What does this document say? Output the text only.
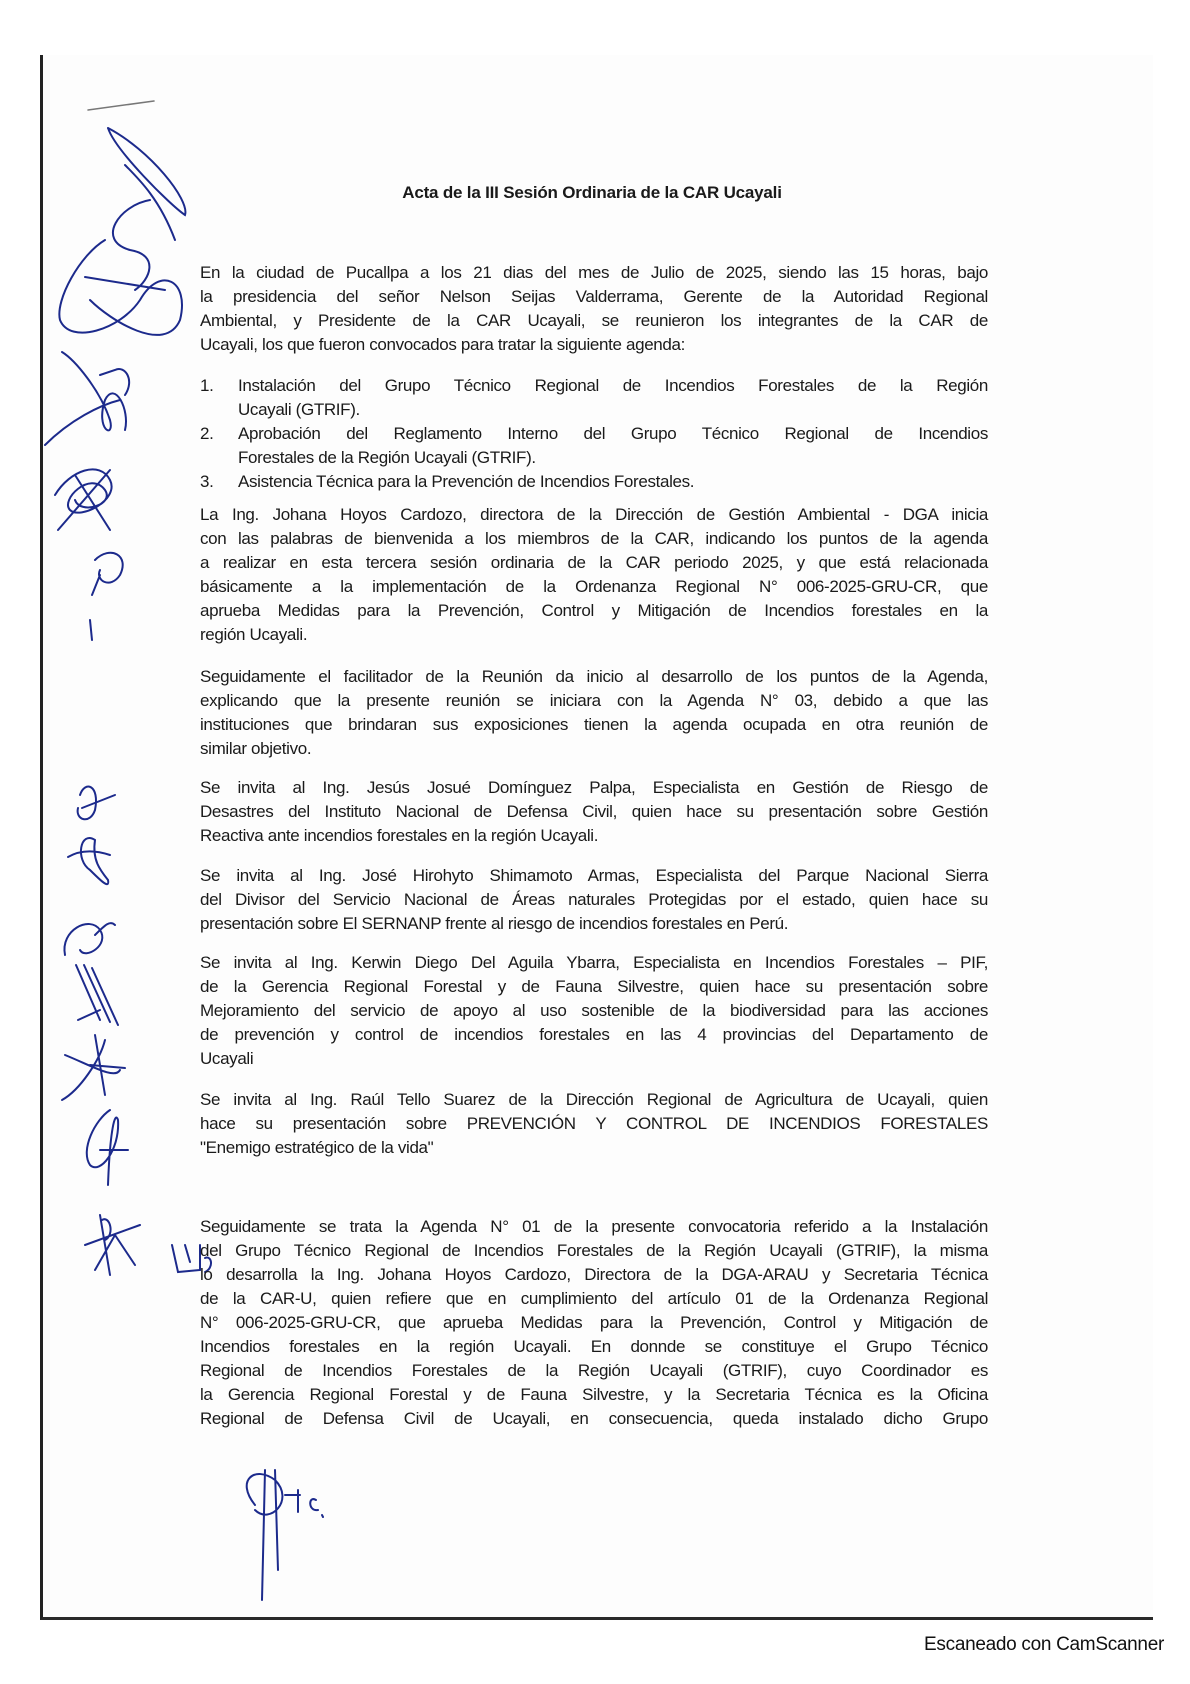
Acta de la III Sesión Ordinaria de la CAR Ucayali
En la ciudad de Pucallpa a los 21 dias del mes de Julio de 2025, siendo las 15 horas, bajo
la presidencia del señor Nelson Seijas Valderrama, Gerente de la Autoridad Regional
Ambiental, y Presidente de la CAR Ucayali, se reunieron los integrantes de la CAR de
Ucayali, los que fueron convocados para tratar la siguiente agenda:
1. Instalación del Grupo Técnico Regional de Incendios Forestales de la Región
Ucayali (GTRIF).
2. Aprobación del Reglamento Interno del Grupo Técnico Regional de Incendios
Forestales de la Región Ucayali (GTRIF).
3. Asistencia Técnica para la Prevención de Incendios Forestales.
La Ing. Johana Hoyos Cardozo, directora de la Dirección de Gestión Ambiental - DGA inicia
con las palabras de bienvenida a los miembros de la CAR, indicando los puntos de la agenda
a realizar en esta tercera sesión ordinaria de la CAR periodo 2025, y que está relacionada
básicamente a la implementación de la Ordenanza Regional N° 006-2025-GRU-CR, que
aprueba Medidas para la Prevención, Control y Mitigación de Incendios forestales en la
región Ucayali.
Seguidamente el facilitador de la Reunión da inicio al desarrollo de los puntos de la Agenda,
explicando que la presente reunión se iniciara con la Agenda N° 03, debido a que las
instituciones que brindaran sus exposiciones tienen la agenda ocupada en otra reunión de
similar objetivo.
Se invita al Ing. Jesús Josué Domínguez Palpa, Especialista en Gestión de Riesgo de
Desastres del Instituto Nacional de Defensa Civil, quien hace su presentación sobre Gestión
Reactiva ante incendios forestales en la región Ucayali.
Se invita al Ing. José Hirohyto Shimamoto Armas, Especialista del Parque Nacional Sierra
del Divisor del Servicio Nacional de Áreas naturales Protegidas por el estado, quien hace su
presentación sobre El SERNANP frente al riesgo de incendios forestales en Perú.
Se invita al Ing. Kerwin Diego Del Aguila Ybarra, Especialista en Incendios Forestales – PIF,
de la Gerencia Regional Forestal y de Fauna Silvestre, quien hace su presentación sobre
Mejoramiento del servicio de apoyo al uso sostenible de la biodiversidad para las acciones
de prevención y control de incendios forestales en las 4 provincias del Departamento de
Ucayali
Se invita al Ing. Raúl Tello Suarez de la Dirección Regional de Agricultura de Ucayali, quien
hace su presentación sobre PREVENCIÓN Y CONTROL DE INCENDIOS FORESTALES
"Enemigo estratégico de la vida"
Seguidamente se trata la Agenda N° 01 de la presente convocatoria referido a la Instalación
del Grupo Técnico Regional de Incendios Forestales de la Región Ucayali (GTRIF), la misma
lo desarrolla la Ing. Johana Hoyos Cardozo, Directora de la DGA-ARAU y Secretaria Técnica
de la CAR-U, quien refiere que en cumplimiento del artículo 01 de la Ordenanza Regional
N° 006-2025-GRU-CR, que aprueba Medidas para la Prevención, Control y Mitigación de
Incendios forestales en la región Ucayali. En donnde se constituye el Grupo Técnico
Regional de Incendios Forestales de la Región Ucayali (GTRIF), cuyo Coordinador es
la Gerencia Regional Forestal y de Fauna Silvestre, y la Secretaria Técnica es la Oficina
Regional de Defensa Civil de Ucayali, en consecuencia, queda instalado dicho Grupo
Escaneado con CamScanner
